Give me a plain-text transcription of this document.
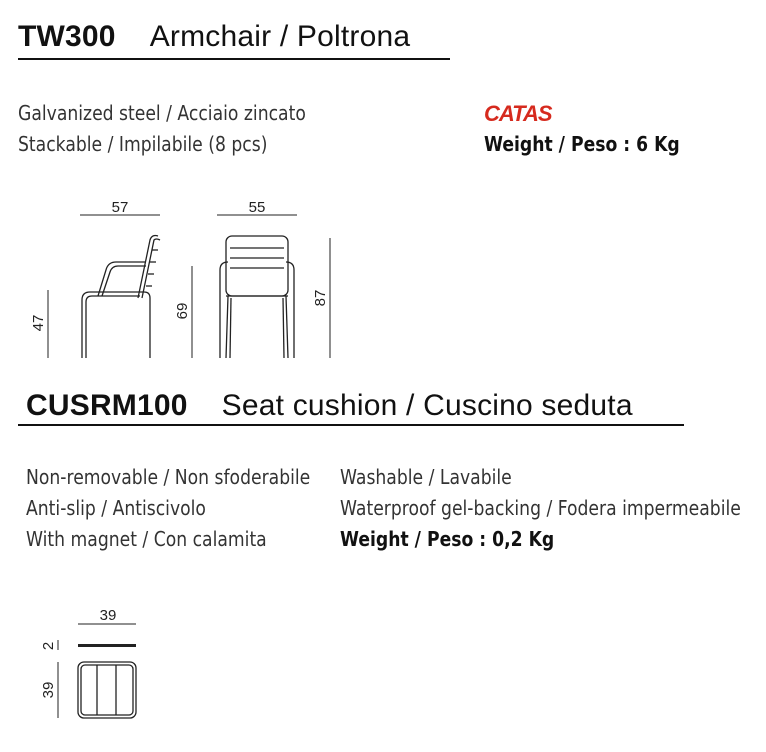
TW300 Armchair / Poltrona
Galvanized steel / Acciaio zincato
Stackable / Impilabile (8 pcs)
CATAS
Weight / Peso : 6 Kg
57
47
69
55
87
CUSRM100 Seat cushion / Cuscino seduta
Non-removable / Non sfoderabile
Anti-slip / Antiscivolo
With magnet / Con calamita
Washable / Lavabile
Waterproof gel-backing / Fodera impermeabile
Weight / Peso : 0,2 Kg
39
2
39
